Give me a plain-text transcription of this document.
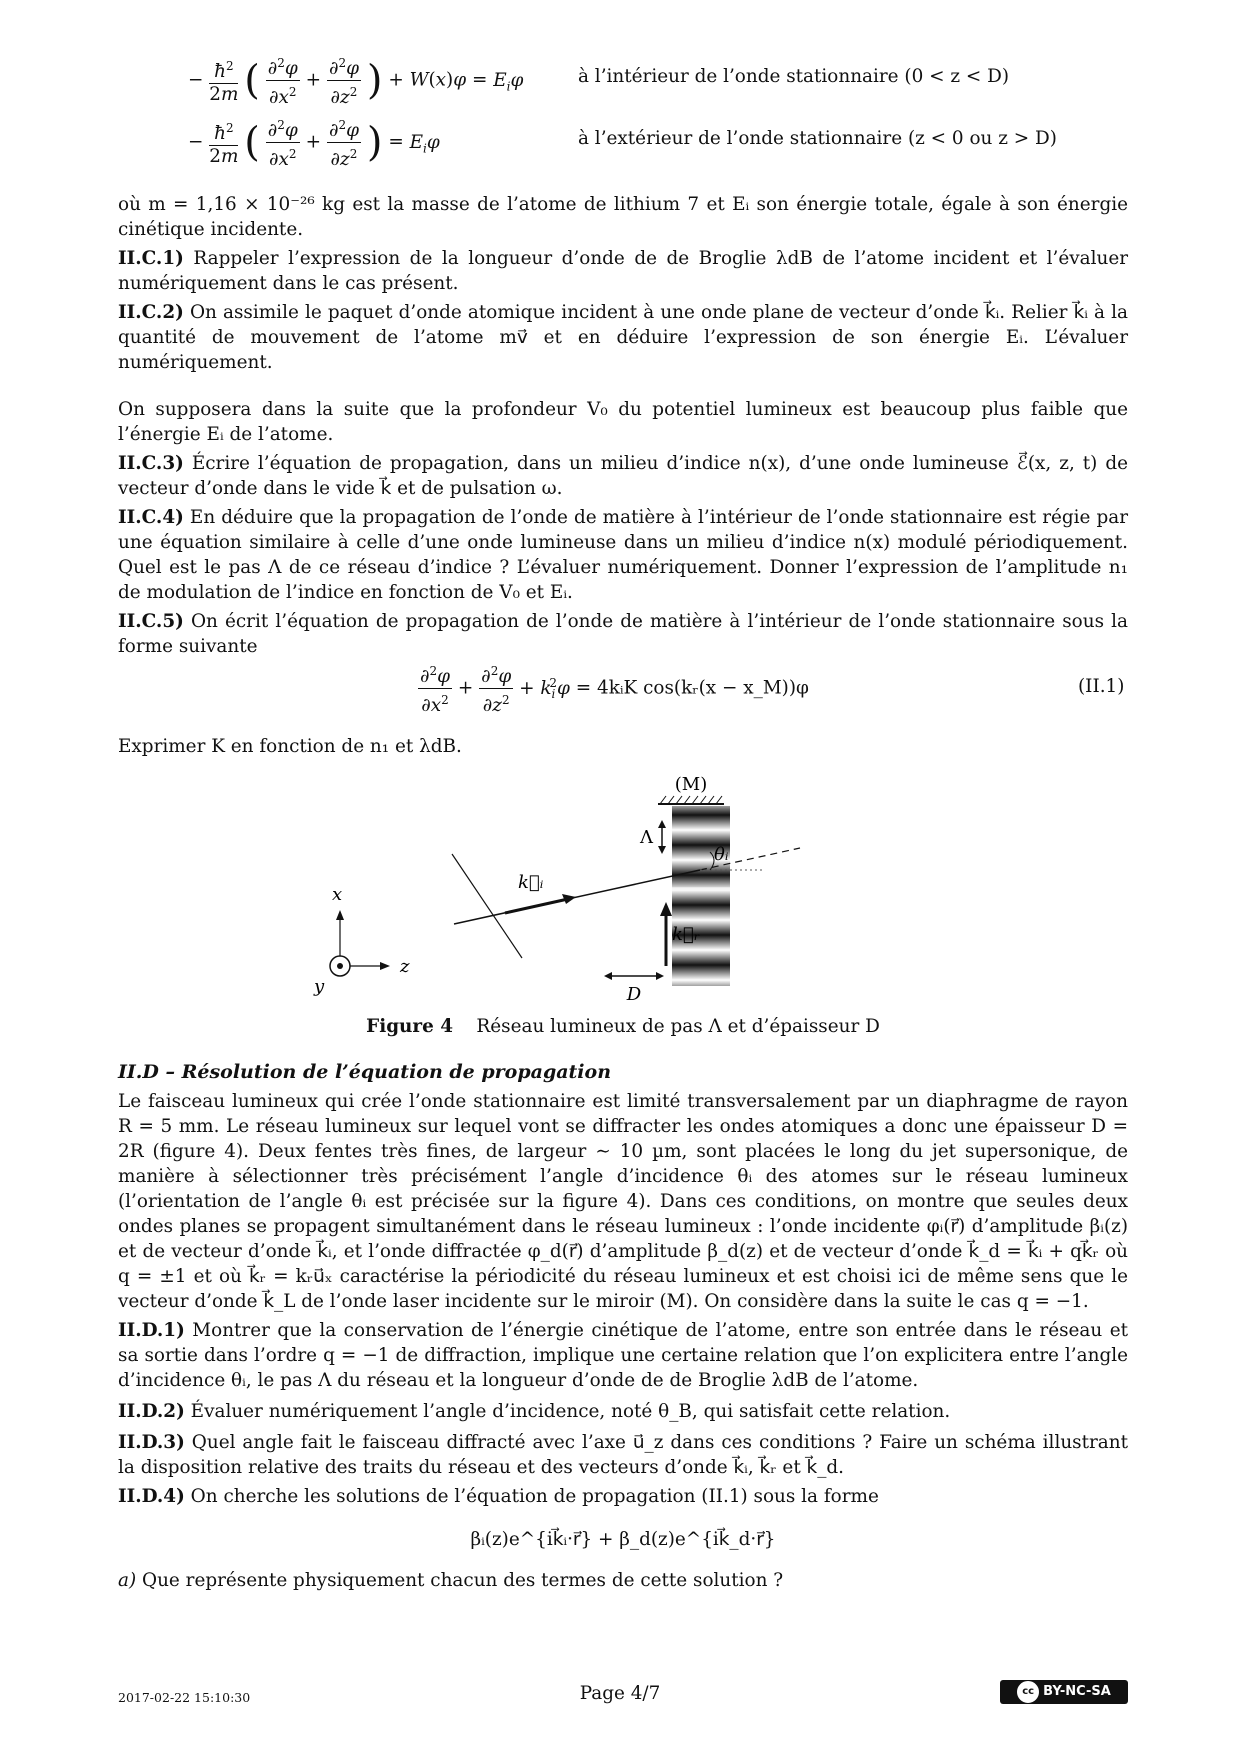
− $\frac{ħ^2}{2m}$ ( $\frac{\partial^2\varphi}{\partial x^2} + \frac{\partial^2\varphi}{\partial z^2}$ ) + $W(x)\varphi = E_i\varphi$	à l’intérieur de l’onde stationnaire (0 < z < D)
− $\frac{ħ^2}{2m}$ ( $\frac{\partial^2\varphi}{\partial x^2} + \frac{\partial^2\varphi}{\partial z^2}$ ) = $E_i\varphi$	à l’extérieur de l’onde stationnaire (z < 0 ou z > D)

où m = 1,16 × 10⁻²⁶ kg est la masse de l’atome de lithium 7 et Eᵢ son énergie totale, égale à son énergie cinétique incidente.

II.C.1) Rappeler l’expression de la longueur d’onde de de Broglie λdB de l’atome incident et l’évaluer numériquement dans le cas présent.

II.C.2) On assimile le paquet d’onde atomique incident à une onde plane de vecteur d’onde k⃗ᵢ. Relier k⃗ᵢ à la quantité de mouvement de l’atome mv⃗ et en déduire l’expression de son énergie Eᵢ. L’évaluer numériquement.

On supposera dans la suite que la profondeur V₀ du potentiel lumineux est beaucoup plus faible que l’énergie Eᵢ de l’atome.

II.C.3) Écrire l’équation de propagation, dans un milieu d’indice n(x), d’une onde lumineuse ℰ⃗(x, z, t) de vecteur d’onde dans le vide k⃗ et de pulsation ω.

II.C.4) En déduire que la propagation de l’onde de matière à l’intérieur de l’onde stationnaire est régie par une équation similaire à celle d’une onde lumineuse dans un milieu d’indice n(x) modulé périodiquement. Quel est le pas Λ de ce réseau d’indice ? L’évaluer numériquement. Donner l’expression de l’amplitude n₁ de modulation de l’indice en fonction de V₀ et Eᵢ.

II.C.5) On écrit l’équation de propagation de l’onde de matière à l’intérieur de l’onde stationnaire sous la forme suivante

$\frac{\partial^2\varphi}{\partial x^2} + \frac{\partial^2\varphi}{\partial z^2} + k_i^2\varphi$ = 4kᵢK cos(kᵣ(x − x_M))φ	(II.1)

Exprimer K en fonction de n₁ et λdB.

(M)
Λ
k⃗ᵢ
θᵢ
k⃗ᵣ
D
x
z
y
Figure 4 Réseau lumineux de pas Λ et d’épaisseur D

II.D – Résolution de l’équation de propagation

Le faisceau lumineux qui crée l’onde stationnaire est limité transversalement par un diaphragme de rayon R = 5 mm. Le réseau lumineux sur lequel vont se diffracter les ondes atomiques a donc une épaisseur D = 2R (figure 4). Deux fentes très fines, de largeur ∼ 10 µm, sont placées le long du jet supersonique, de manière à sélectionner très précisément l’angle d’incidence θᵢ des atomes sur le réseau lumineux (l’orientation de l’angle θᵢ est précisée sur la figure 4). Dans ces conditions, on montre que seules deux ondes planes se propagent simultanément dans le réseau lumineux : l’onde incidente φᵢ(r⃗) d’amplitude βᵢ(z) et de vecteur d’onde k⃗ᵢ, et l’onde diffractée φ_d(r⃗) d’amplitude β_d(z) et de vecteur d’onde k⃗_d = k⃗ᵢ + qk⃗ᵣ où q = ±1 et où k⃗ᵣ = kᵣu⃗ₓ caractérise la périodicité du réseau lumineux et est choisi ici de même sens que le vecteur d’onde k⃗_L de l’onde laser incidente sur le miroir (M). On considère dans la suite le cas q = −1.

II.D.1) Montrer que la conservation de l’énergie cinétique de l’atome, entre son entrée dans le réseau et sa sortie dans l’ordre q = −1 de diffraction, implique une certaine relation que l’on explicitera entre l’angle d’incidence θᵢ, le pas Λ du réseau et la longueur d’onde de de Broglie λdB de l’atome.

II.D.2) Évaluer numériquement l’angle d’incidence, noté θ_B, qui satisfait cette relation.

II.D.3) Quel angle fait le faisceau diffracté avec l’axe u⃗_z dans ces conditions ? Faire un schéma illustrant la disposition relative des traits du réseau et des vecteurs d’onde k⃗ᵢ, k⃗ᵣ et k⃗_d.

II.D.4) On cherche les solutions de l’équation de propagation (II.1) sous la forme

βᵢ(z)e^{ik⃗ᵢ·r⃗} + β_d(z)e^{ik⃗_d·r⃗}

a) Que représente physiquement chacun des termes de cette solution ?

2017-02-22 15:10:30	Page 4/7	cc BY-NC-SA
